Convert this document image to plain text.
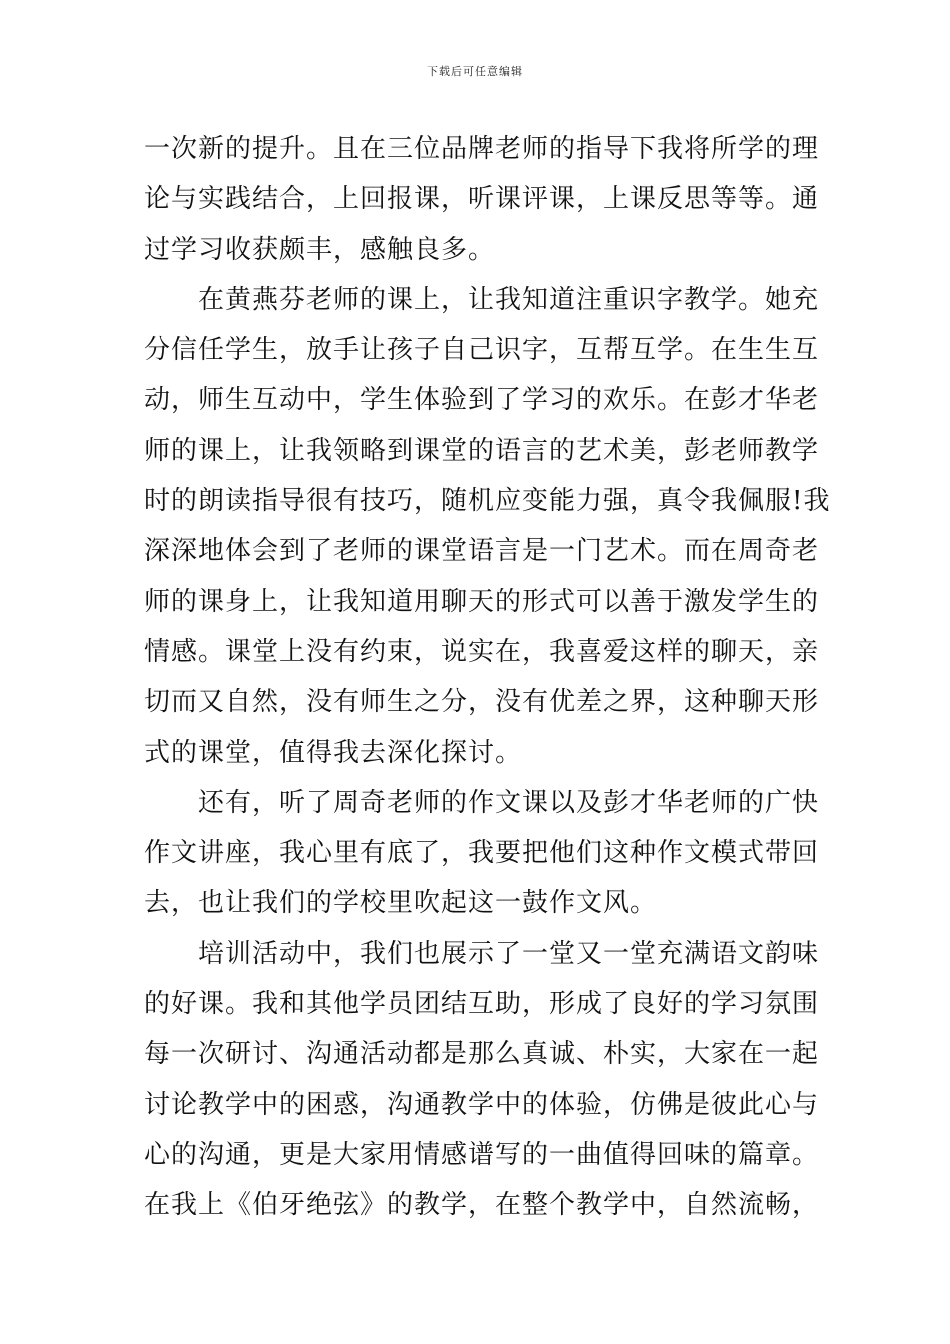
下载后可任意编辑
一次新的提升。且在三位品牌老师的指导下我将所学的理
论与实践结合，上回报课，听课评课，上课反思等等。通
过学习收获颇丰，感触良多。
在黄燕芬老师的课上，让我知道注重识字教学。她充
分信任学生，放手让孩子自己识字，互帮互学。在生生互
动，师生互动中，学生体验到了学习的欢乐。在彭才华老
师的课上，让我领略到课堂的语言的艺术美，彭老师教学
时的朗读指导很有技巧，随机应变能力强，真令我佩服!我
深深地体会到了老师的课堂语言是一门艺术。而在周奇老
师的课身上，让我知道用聊天的形式可以善于激发学生的
情感。课堂上没有约束，说实在，我喜爱这样的聊天，亲
切而又自然，没有师生之分，没有优差之界，这种聊天形
式的课堂，值得我去深化探讨。
还有，听了周奇老师的作文课以及彭才华老师的广快
作文讲座，我心里有底了，我要把他们这种作文模式带回
去，也让我们的学校里吹起这一鼓作文风。
培训活动中，我们也展示了一堂又一堂充满语文韵味
的好课。我和其他学员团结互助，形成了良好的学习氛围
每一次研讨、沟通活动都是那么真诚、朴实，大家在一起
讨论教学中的困惑，沟通教学中的体验，仿佛是彼此心与
心的沟通，更是大家用情感谱写的一曲值得回味的篇章。
在我上《伯牙绝弦》的教学，在整个教学中，自然流畅，
